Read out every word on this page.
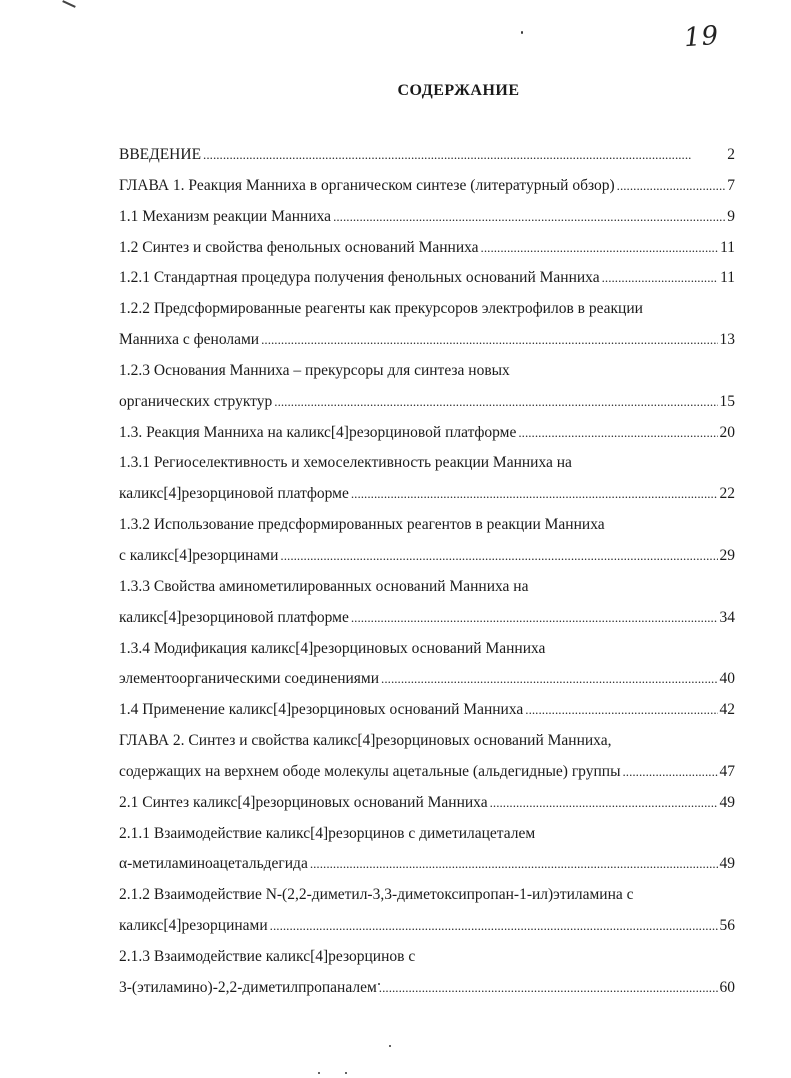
19
СОДЕРЖАНИЕ
ВВЕДЕНИЕ . . .	2
ГЛАВА 1. Реакция Манниха в органическом синтезе (литературный обзор) . . .	7
1.1 Механизм реакции Манниха . . .	9
1.2 Синтез и свойства фенольных оснований Манниха . . .	11
1.2.1 Стандартная процедура получения фенольных оснований Манниха . . .	11
1.2.2 Предсформированные реагенты как прекурсоров электрофилов в реакции
Манниха с фенолами . . .	13
1.2.3 Основания Манниха – прекурсоры для синтеза новых
органических структур . . .	15
1.3. Реакция Манниха на каликс[4]резорциновой платформе . . .	20
1.3.1 Региоселективность и хемоселективность реакции Манниха на
каликс[4]резорциновой платформе . . .	22
1.3.2 Использование предсформированных реагентов в реакции Манниха
с каликс[4]резорцинами . . .	29
1.3.3 Свойства аминометилированных оснований Манниха на
каликс[4]резорциновой платформе . . .	34
1.3.4 Модификация каликс[4]резорциновых оснований Манниха
элементоорганическими соединениями . . .	40
1.4 Применение каликс[4]резорциновых оснований Манниха . . .	42
ГЛАВА 2. Синтез и свойства каликс[4]резорциновых оснований Манниха,
содержащих на верхнем ободе молекулы ацетальные (альдегидные) группы . . .	47
2.1 Синтез каликс[4]резорциновых оснований Манниха . . .	49
2.1.1 Взаимодействие каликс[4]резорцинов с диметилацеталем
α-метиламиноацетальдегида . . .	49
2.1.2 Взаимодействие N-(2,2-диметил-3,3-диметоксипропан-1-ил)этиламина с
каликс[4]резорцинами . . .	56
2.1.3 Взаимодействие каликс[4]резорцинов с
3-(этиламино)-2,2-диметилпропаналем . . .	60
